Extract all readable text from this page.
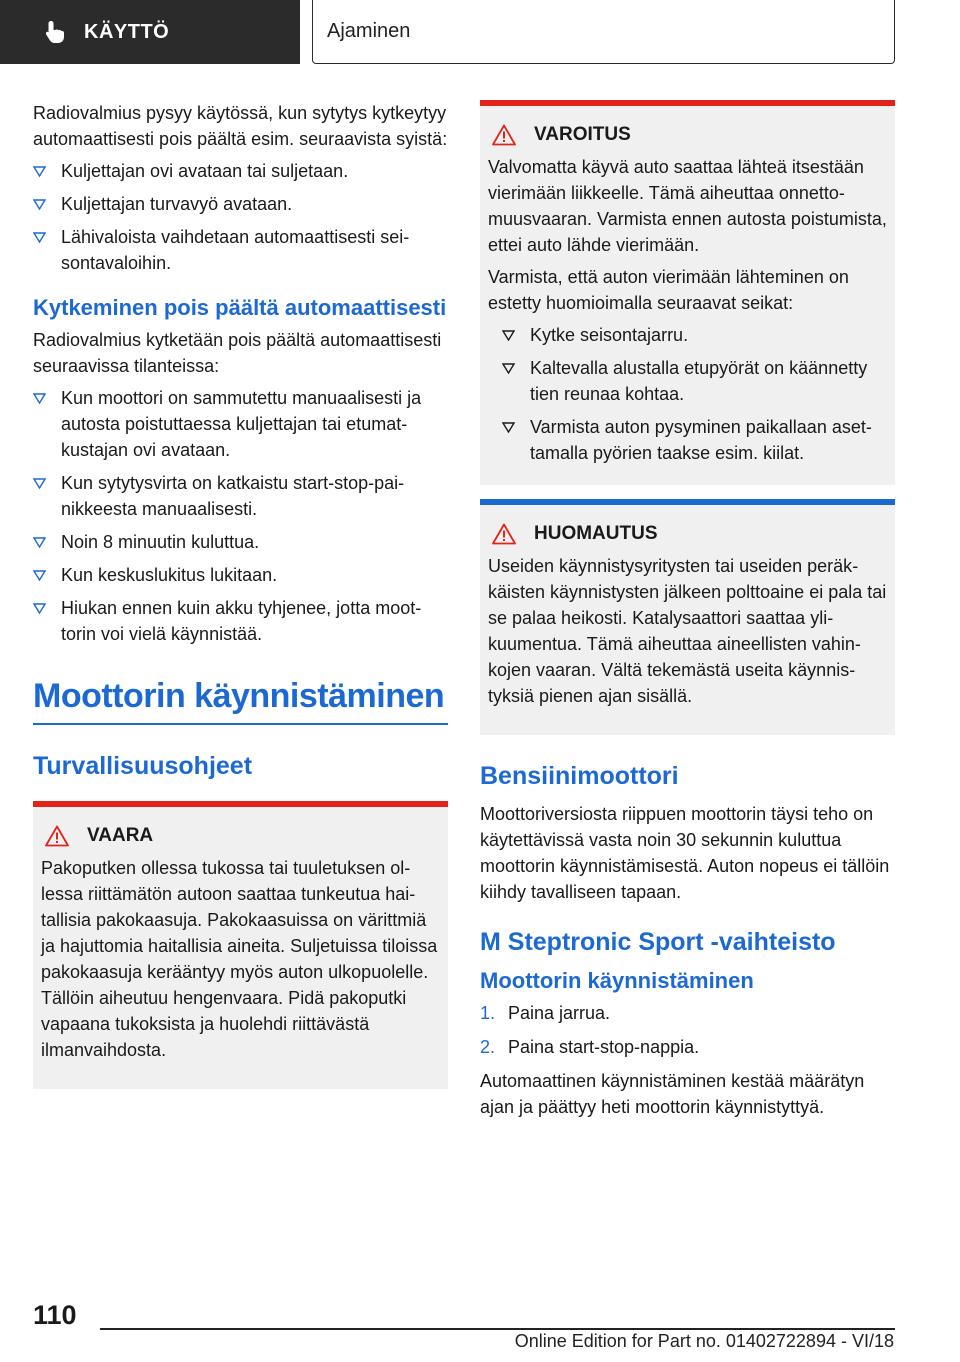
KÄYTTÖ	Ajaminen

Radiovalmius pysyy käytössä, kun sytytys kytkeytyy automaattisesti pois päältä esim. seuraavista syistä:

Kuljettajan ovi avataan tai suljetaan.
Kuljettajan turvavyö avataan.
Lähivaloista vaihdetaan automaattisesti seisontavaloihin.
Kytkeminen pois päältä automaattisesti

Radiovalmius kytketään pois päältä automaattisesti seuraavissa tilanteissa:

Kun moottori on sammutettu manuaalisesti ja autosta poistuttaessa kuljettajan tai etumatkustajan ovi avataan.
Kun sytytysvirta on katkaistu start-stop-painikkeesta manuaalisesti.
Noin 8 minuutin kuluttua.
Kun keskuslukitus lukitaan.
Hiukan ennen kuin akku tyhjenee, jotta moottorin voi vielä käynnistää.
Moottorin käynnistäminen
Turvallisuusohjeet
VAARA

Pakoputken ollessa tukossa tai tuuletuksen ollessa riittämätön autoon saattaa tunkeutua haitallisia pakokaasuja. Pakokaasuissa on värittmiä ja hajuttomia haitallisia aineita. Suljetuissa tiloissa pakokaasuja kerääntyy myös auton ulkopuolelle. Tällöin aiheutuu hengenvaara. Pidä pakoputki vapaana tukoksista ja huolehdi riittävästä ilmanvaihdosta.

VAROITUS

Valvomatta käyvä auto saattaa lähteä itsestään vierimään liikkeelle. Tämä aiheuttaa onnettomuusvaaran. Varmista ennen autosta poistumista, ettei auto lähde vierimään.

Varmista, että auton vierimään lähteminen on estetty huomioimalla seuraavat seikat:

Kytke seisontajarru.
Kaltevalla alustalla etupyörät on käännetty tien reunaa kohtaa.
Varmista auton pysyminen paikallaan asettamalla pyörien taakse esim. kiilat.
HUOMAUTUS

Useiden käynnistysyritysten tai useiden peräkkäisten käynnistysten jälkeen polttoaine ei pala tai se palaa heikosti. Katalysaattori saattaa ylikuumentua. Tämä aiheuttaa aineellisten vahinkojen vaaran. Vältä tekemästä useita käynnistyksiä pienen ajan sisällä.

Bensiinimoottori

Moottoriversiosta riippuen moottorin täysi teho on käytettävissä vasta noin 30 sekunnin kuluttua moottorin käynnistämisestä. Auton nopeus ei tällöin kiihdy tavalliseen tapaan.

M Steptronic Sport -vaihteisto
Moottorin käynnistäminen
1. Paina jarrua.
2. Paina start-stop-nappia.

Automaattinen käynnistäminen kestää määrätyn ajan ja päättyy heti moottorin käynnistyttyä.

110
Online Edition for Part no. 01402722894 - VI/18
